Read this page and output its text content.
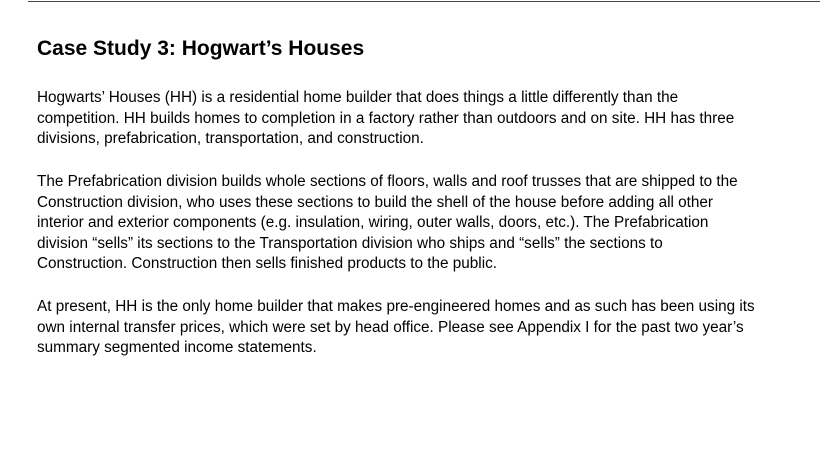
Case Study 3: Hogwart’s Houses

Hogwarts’ Houses (HH) is a residential home builder that does things a little differently than the
competition. HH builds homes to completion in a factory rather than outdoors and on site. HH has three
divisions, prefabrication, transportation, and construction.

The Prefabrication division builds whole sections of floors, walls and roof trusses that are shipped to the
Construction division, who uses these sections to build the shell of the house before adding all other
interior and exterior components (e.g. insulation, wiring, outer walls, doors, etc.). The Prefabrication
division “sells” its sections to the Transportation division who ships and “sells” the sections to
Construction. Construction then sells finished products to the public.

At present, HH is the only home builder that makes pre-engineered homes and as such has been using its
own internal transfer prices, which were set by head office. Please see Appendix I for the past two year’s
summary segmented income statements.
